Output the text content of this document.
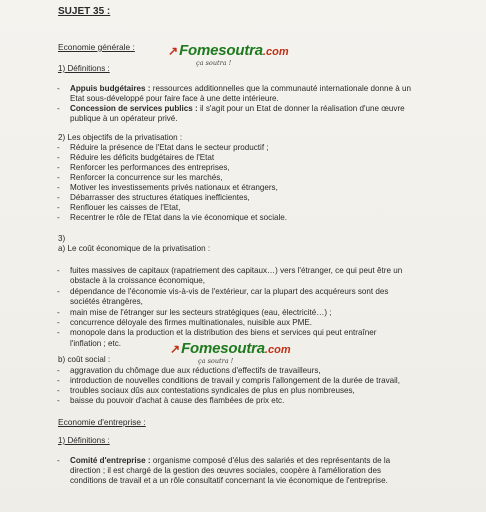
SUJET 35 :
Economie générale :	↗Fomesoutra.com
ça soutra !
1) Définitions :
- Appuis budgétaires : ressources additionnelles que la communauté internationale donne à un
Etat sous-développé pour faire face à une dette intérieure.
- Concession de services publics : il s'agit pour un Etat de donner la réalisation d'une œuvre
publique à un opérateur privé.
2) Les objectifs de la privatisation :
- Réduire la présence de l'Etat dans le secteur productif ;
- Réduire les déficits budgétaires de l'Etat
- Renforcer les performances des entreprises,
- Renforcer la concurrence sur les marchés,
- Motiver les investissements privés nationaux et étrangers,
- Débarrasser des structures étatiques inefficientes,
- Renflouer les caisses de l'Etat,
- Recentrer le rôle de l'Etat dans la vie économique et sociale.
3)
a) Le coût économique de la privatisation :
- fuites massives de capitaux (rapatriement des capitaux…) vers l'étranger, ce qui peut être un
obstacle à la croissance économique,
- dépendance de l'économie vis-à-vis de l'extérieur, car la plupart des acquéreurs sont des
sociétés étrangères,
- main mise de l'étranger sur les secteurs stratégiques (eau, électricité…) ;
- concurrence déloyale des firmes multinationales, nuisible aux PME.
- monopole dans la production et la distribution des biens et services qui peut entraîner
l'inflation ; etc.	↗Fomesoutra.com
ça soutra !
b) coût social :
- aggravation du chômage due aux réductions d'effectifs de travailleurs,
- introduction de nouvelles conditions de travail y compris l'allongement de la durée de travail,
- troubles sociaux dûs aux contestations syndicales de plus en plus nombreuses,
- baisse du pouvoir d'achat à cause des flambées de prix etc.
Economie d'entreprise :
1) Définitions :
- Comité d'entreprise : organisme composé d'élus des salariés et des représentants de la
direction ; il est chargé de la gestion des œuvres sociales, coopère à l'amélioration des
conditions de travail et a un rôle consultatif concernant la vie économique de l'entreprise.
